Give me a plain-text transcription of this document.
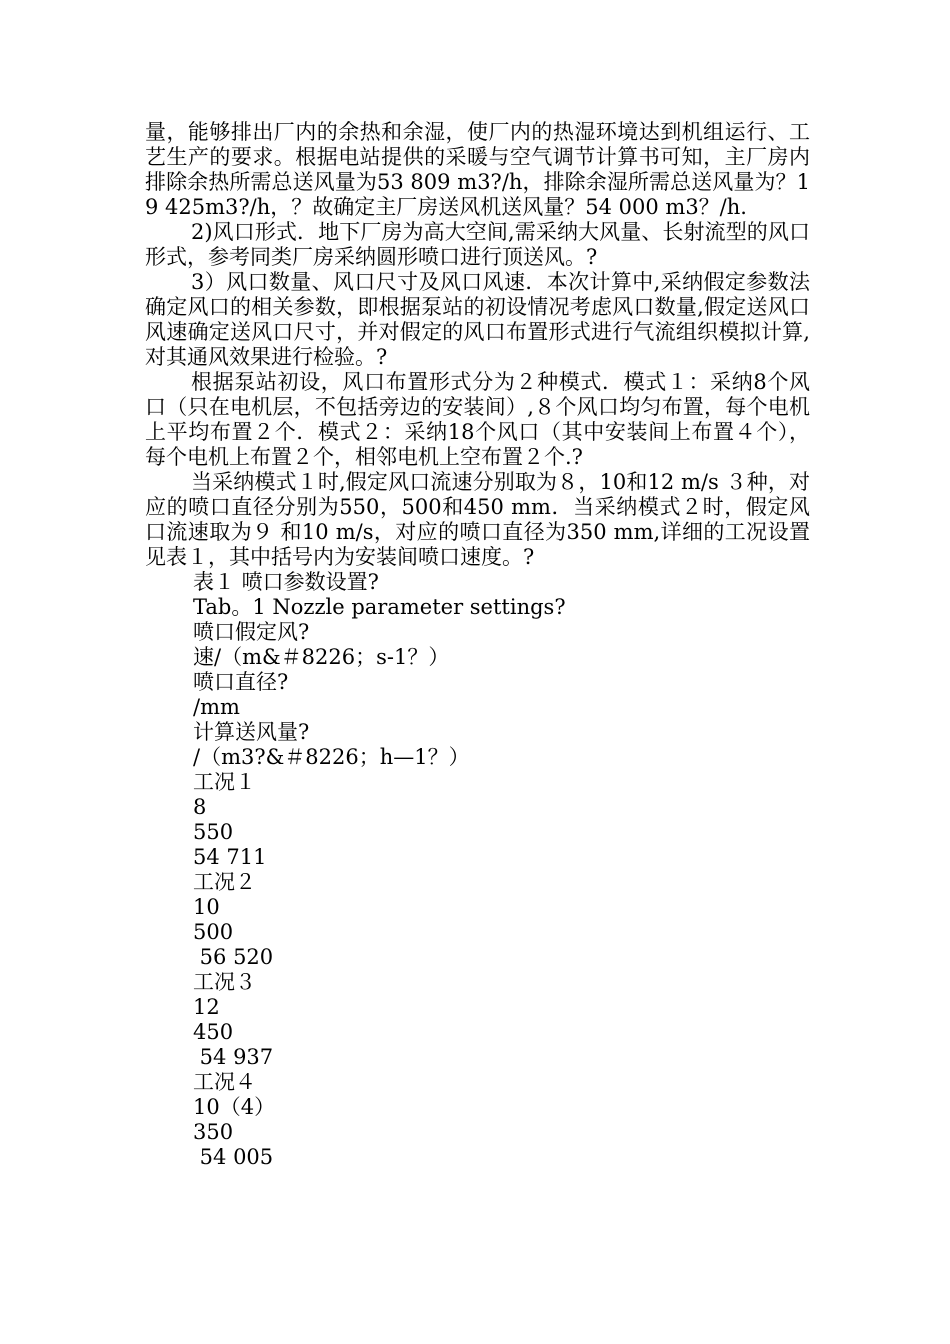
量，能够排出厂内的余热和余湿，使厂内的热湿环境达到机组运行、工艺生产的要求。根据电站提供的采暖与空气调节计算书可知，主厂房内排除余热所需总送风量为53 809 m3?/h，排除余湿所需总送风量为？19 425m3?/h，？故确定主厂房送风机送风量？54 000 m3？/h.

2)风口形式．地下厂房为高大空间,需采纳大风量、长射流型的风口形式，参考同类厂房采纳圆形喷口进行顶送风。?

3）风口数量、风口尺寸及风口风速．本次计算中,采纳假定参数法确定风口的相关参数，即根据泵站的初设情况考虑风口数量,假定送风口风速确定送风口尺寸，并对假定的风口布置形式进行气流组织模拟计算,对其通风效果进行检验。?

根据泵站初设，风口布置形式分为２种模式．模式１：采纳8个风口（只在电机层，不包括旁边的安装间）,８个风口均匀布置，每个电机上平均布置２个．模式２：采纳18个风口（其中安装间上布置４个），每个电机上布置２个，相邻电机上空布置２个.?

当采纳模式１时,假定风口流速分别取为８，10和12 m/s ３种，对应的喷口直径分别为550，500和450 mm．当采纳模式２时，假定风口流速取为９ 和10 m/s，对应的喷口直径为350 mm,详细的工况设置见表１，其中括号内为安装间喷口速度。?

表１ 喷口参数设置?

Tab。1 Nozzle parameter settings?

喷口假定风?

速/（m&＃8226；s-1？）

喷口直径?

/mm

计算送风量?

/（m3?&＃8226；h—1？）

工况１

8

550

54 711

工况２

10

500

56 520

工况３

12

450

54 937

工况４

10（4）

350

54 005
